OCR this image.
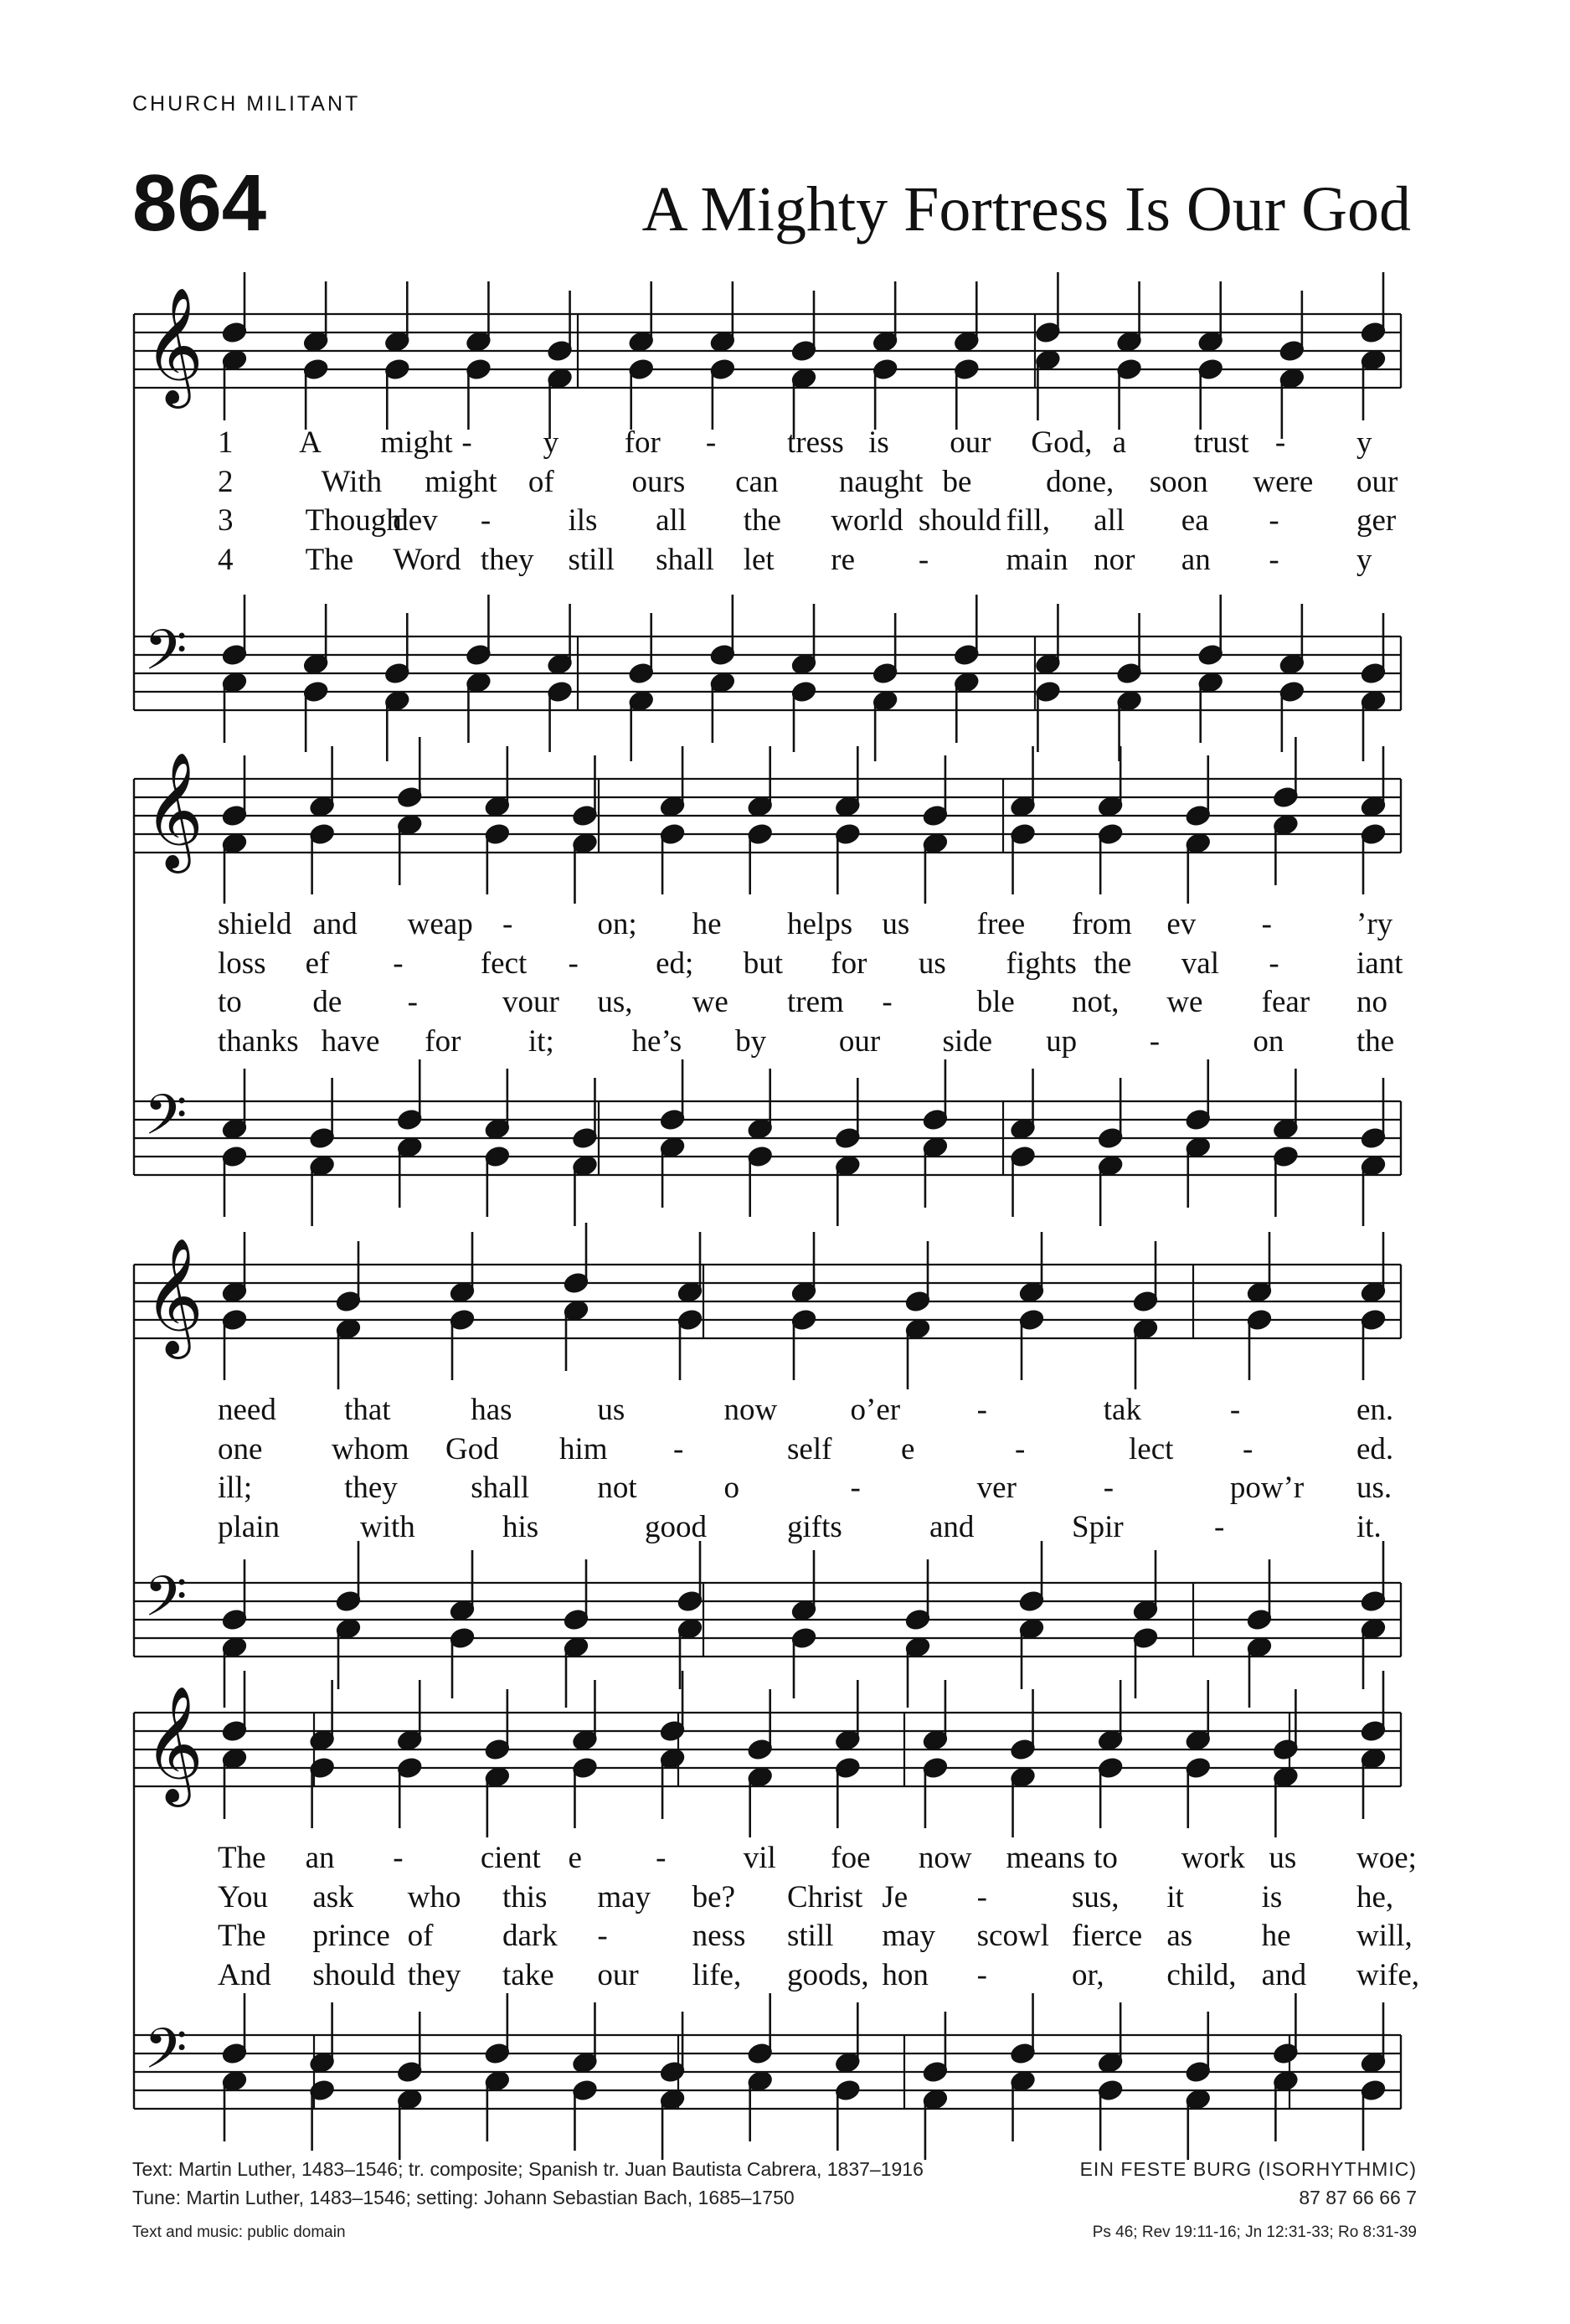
CHURCH MILITANT
864	A Mighty Fortress Is Our God
𝄞
𝄢
𝄞
𝄢
𝄞
𝄢
𝄞
𝄢
1 A might - y for - tress is our God, a trust - y
2	With might of	ours can naught be done, soon were our
3 Though
dev - ils all the world should fill, all ea - ger
4 The Word they still shall let re - main nor an - y
shield and weap -	on; he helps us free from ev -	’ry
loss ef - fect - ed; but for us fights the val - iant
to de -	vour us, we trem -	ble not, we fear no
thanks have for it;	he’s by our side up -	on the
need that	has	us	now o’er -	tak	-	en.
one whom God him -	self e	-	lect -	ed.
ill;	they shall not	o	-	ver	-	pow’r us.
plain	with	his	good	gifts	and	Spir	-	it.
The an - cient e - vil foe now means to work us woe;
You ask who this may be? Christ Je -	sus, it	is he,
The prince of dark -	ness still may scowl fierce as he will,
And should they take our life, goods, hon -	or, child, and wife,
Text: Martin Luther, 1483–1546; tr. composite; Spanish tr. Juan Bautista Cabrera, 1837–1916
Tune: Martin Luther, 1483–1546; setting: Johann Sebastian Bach, 1685–1750
Text and music: public domain
EIN FESTE BURG (ISORHYTHMIC)
87 87 66 66 7
Ps 46; Rev 19:11-16; Jn 12:31-33; Ro 8:31-39
